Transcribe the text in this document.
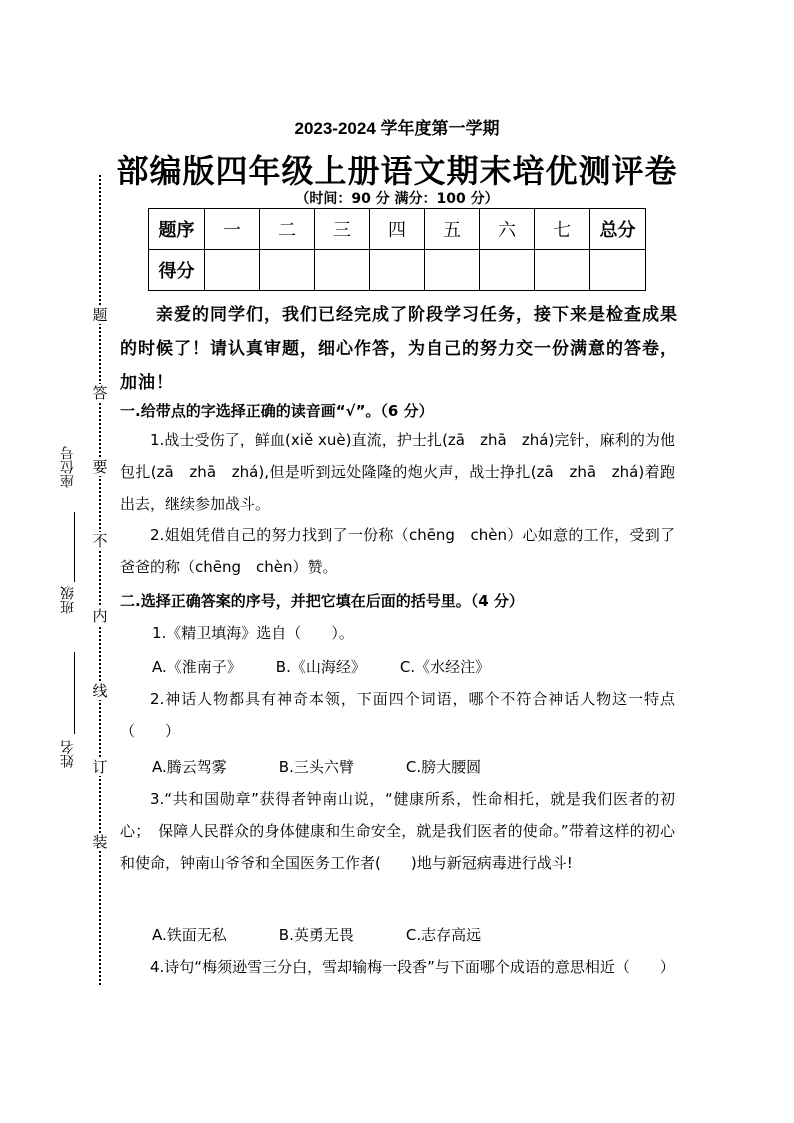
题
答
要
不
内
线
订
装
座位号
班级
姓名
2023-2024 学年度第一学期
部编版四年级上册语文期末培优测评卷
（时间：90 分 满分：100 分）
题序	一	二	三	四	五	六	七	总分
得分								
亲爱的同学们，我们已经完成了阶段学习任务，接下来是检查成果的时候了！请认真审题，细心作答，为自己的努力交一份满意的答卷，加油！
一.给带点的字选择正确的读音画“√”。（6 分）
1.战士受伤了，鲜血(xiě xuè)直流，护士扎(zā　zhā　zhá)完针，麻利的为他包扎(zā　zhā　zhá),但是听到远处隆隆的炮火声，战士挣扎(zā　zhā　zhá)着跑出去，继续参加战斗。
2.姐姐凭借自己的努力找到了一份称（chēng　chèn）心如意的工作，受到了爸爸的称（chēng　chèn）赞。
二.选择正确答案的序号，并把它填在后面的括号里。（4 分）
1.《精卫填海》选自（　　）。
A.《淮南子》 B.《山海经》 C.《水经注》
2.神话人物都具有神奇本领，下面四个词语，哪个不符合神话人物这一特点（　　）
A.腾云驾雾	B.三头六臂	C.膀大腰圆
3.“共和国勋章”获得者钟南山说，“健康所系，性命相托，就是我们医者的初心；　保障人民群众的身体健康和生命安全，就是我们医者的使命。”带着这样的初心和使命，钟南山爷爷和全国医务工作者(　　)地与新冠病毒进行战斗!
A.铁面无私	B.英勇无畏	C.志存高远
4.诗句“梅须逊雪三分白，雪却输梅一段香”与下面哪个成语的意思相近（　　）
